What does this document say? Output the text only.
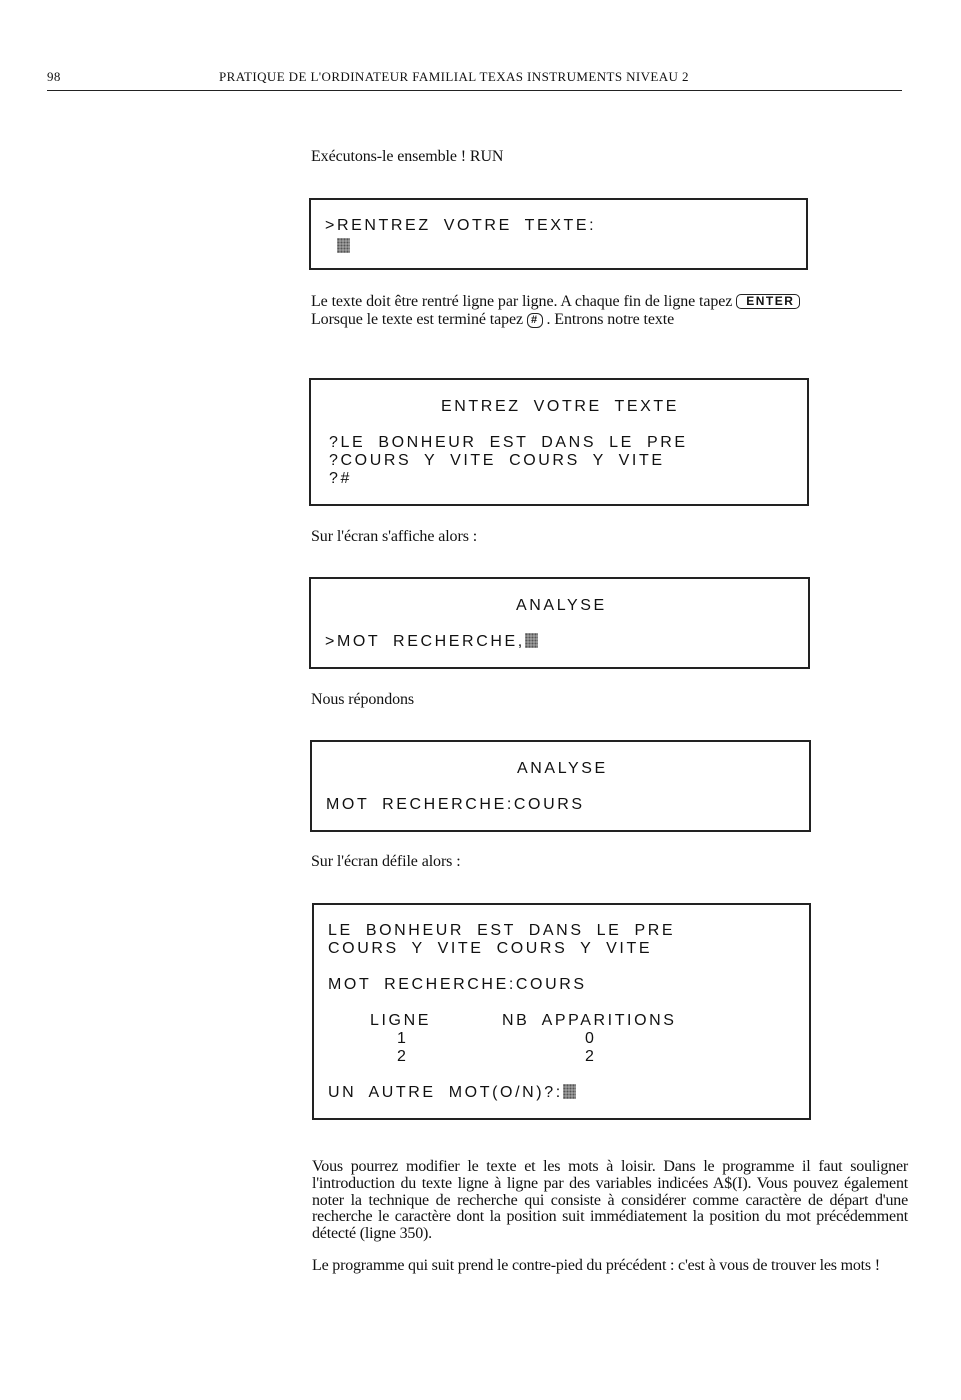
98	PRATIQUE DE L'ORDINATEUR FAMILIAL TEXAS INSTRUMENTS NIVEAU 2

Exécutons-le ensemble ! RUN

>RENTREZ VOTRE TEXTE:

Le texte doit être rentré ligne par ligne. A chaque fin de ligne tapez ENTER

Lorsque le texte est terminé tapez # . Entrons notre texte

ENTREZ VOTRE TEXTE
?LE BONHEUR EST DANS LE PRE
?COURS Y VITE COURS Y VITE
?#

Sur l'écran s'affiche alors :

ANALYSE
>MOT RECHERCHE,

Nous répondons

ANALYSE
MOT RECHERCHE:COURS

Sur l'écran défile alors :

LE BONHEUR EST DANS LE PRE
COURS Y VITE COURS Y VITE
MOT RECHERCHE:COURS
LIGNE	NB APPARITIONS
1	0
2	2
UN AUTRE MOT(O/N)?:

Vous pourrez modifier le texte et les mots à loisir. Dans le programme il faut souligner l'introduction du texte ligne à ligne par des variables indicées A$(I). Vous pouvez également noter la technique de recherche qui consiste à considérer comme caractère de départ d'une recherche le caractère dont la position suit immédiatement la position du mot précédemment détecté (ligne 350).

Le programme qui suit prend le contre-pied du précédent : c'est à vous de trouver les mots !
